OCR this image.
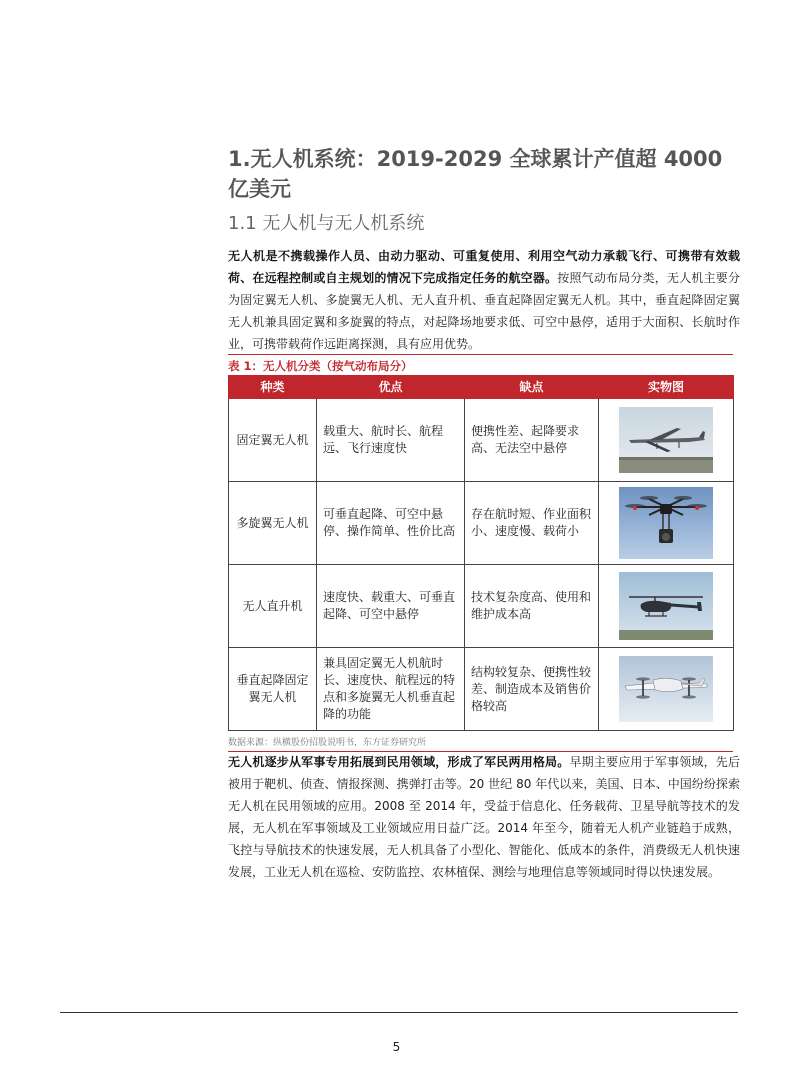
1.无人机系统：2019-2029 全球累计产值超 4000 亿美元
1.1 无人机与无人机系统

无人机是不携载操作人员、由动力驱动、可重复使用、利用空气动力承载飞行、可携带有效载荷、在远程控制或自主规划的情况下完成指定任务的航空器。按照气动布局分类，无人机主要分为固定翼无人机、多旋翼无人机、无人直升机、垂直起降固定翼无人机。其中，垂直起降固定翼无人机兼具固定翼和多旋翼的特点，对起降场地要求低、可空中悬停，适用于大面积、长航时作业，可携带载荷作远距离探测，具有应用优势。

表 1：无人机分类（按气动布局分）
种类	优点	缺点	实物图
固定翼无人机	载重大、航时长、航程远、飞行速度快	便携性差、起降要求高、无法空中悬停	

多旋翼无人机	可垂直起降、可空中悬停、操作简单、性价比高	存在航时短、作业面积小、速度慢、载荷小	

无人直升机	速度快、载重大、可垂直起降、可空中悬停	技术复杂度高、使用和维护成本高	

垂直起降固定翼无人机	兼具固定翼无人机航时长、速度快、航程远的特点和多旋翼无人机垂直起降的功能	结构较复杂、便携性较差、制造成本及销售价格较高	
数据来源：纵横股份招股说明书，东方证券研究所

无人机逐步从军事专用拓展到民用领域，形成了军民两用格局。早期主要应用于军事领域，先后被用于靶机、侦查、情报探测、携弹打击等。20 世纪 80 年代以来，美国、日本、中国纷纷探索无人机在民用领域的应用。2008 至 2014 年，受益于信息化、任务载荷、卫星导航等技术的发展，无人机在军事领域及工业领域应用日益广泛。2014 年至今，随着无人机产业链趋于成熟，飞控与导航技术的快速发展，无人机具备了小型化、智能化、低成本的条件，消费级无人机快速发展，工业无人机在巡检、安防监控、农林植保、测绘与地理信息等领域同时得以快速发展。

5
